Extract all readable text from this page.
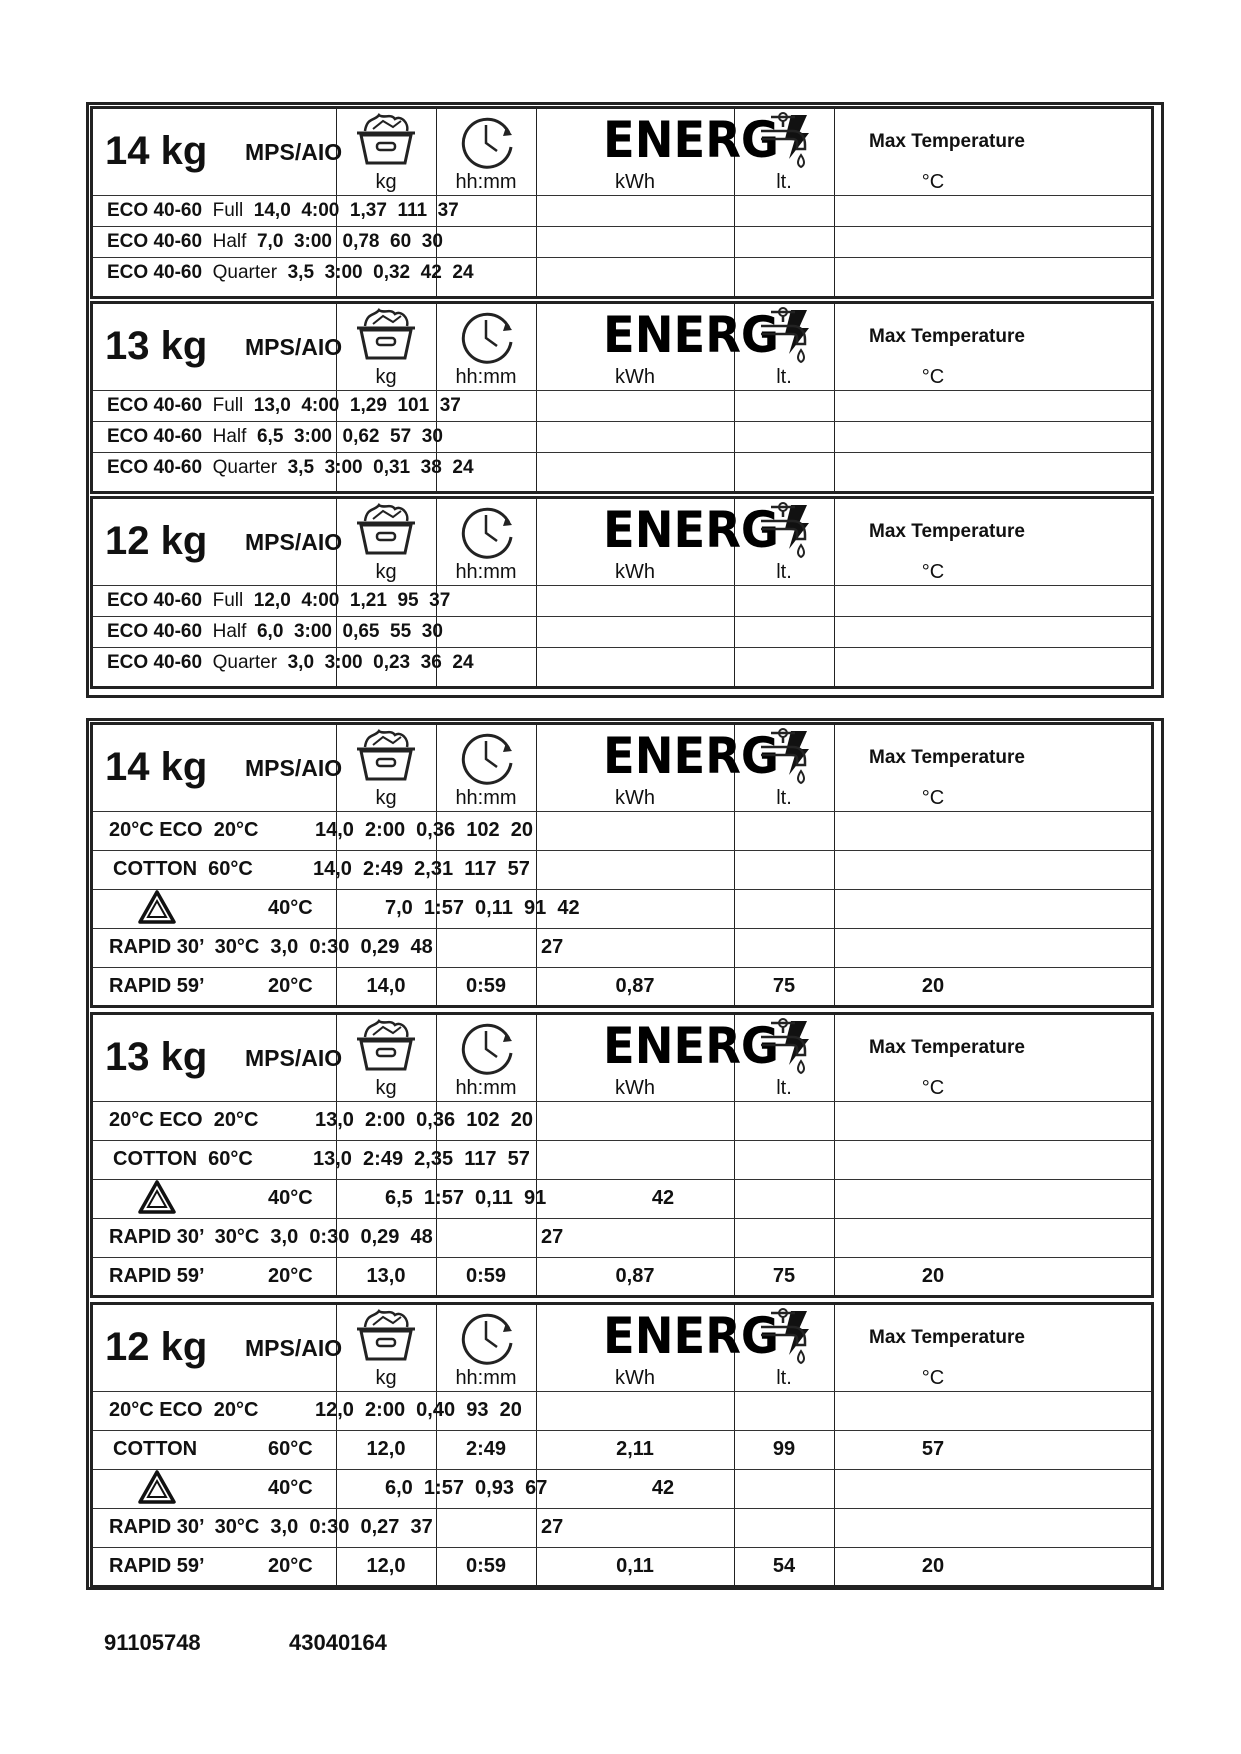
14 kg MPS/AIO	ENERG	Max Temperature
kg	hh:mm	kWh	lt.	°C
ECO 40-60 Full 14,0  4:00  1,37  111  37
ECO 40-60 Half 7,0  3:00  0,78  60  30
ECO 40-60 Quarter 3,5  3:00  0,32  42  24
13 kg MPS/AIO	ENERG	Max Temperature
kg	hh:mm	kWh	lt.	°C
ECO 40-60 Full 13,0  4:00  1,29  101  37
ECO 40-60 Half 6,5  3:00  0,62  57  30
ECO 40-60 Quarter 3,5  3:00  0,31  38  24
12 kg MPS/AIO	ENERG	Max Temperature
kg	hh:mm	kWh	lt.	°C
ECO 40-60 Full 12,0  4:00  1,21  95  37
ECO 40-60 Half 6,0  3:00  0,65  55  30
ECO 40-60 Quarter 3,0  3:00  0,23  36  24
14 kg MPS/AIO	ENERG	Max Temperature
kg	hh:mm	kWh	lt.	°C
20°C ECO  20°C	14,0  2:00  0,36  102  20
COTTON  60°C	14,0  2:49  2,31  117  57
40°C	7,0  1:57  0,11  91  42
RAPID 30’  30°C  3,0  0:30  0,29  48	27
RAPID 59’	20°C	14,0	0:59	0,87	75	20
13 kg MPS/AIO	ENERG	Max Temperature
kg	hh:mm	kWh	lt.	°C
20°C ECO  20°C	13,0  2:00  0,36  102  20
COTTON  60°C	13,0  2:49  2,35  117  57
40°C	6,5  1:57  0,11  91	42
RAPID 30’  30°C  3,0  0:30  0,29  48	27
RAPID 59’	20°C	13,0	0:59	0,87	75	20
12 kg MPS/AIO	ENERG	Max Temperature
kg	hh:mm	kWh	lt.	°C
20°C ECO  20°C	12,0  2:00  0,40  93  20
COTTON	60°C	12,0	2:49	2,11	99	57
40°C	6,0  1:57  0,93  67	42
RAPID 30’  30°C  3,0  0:30  0,27  37	27
RAPID 59’	20°C	12,0	0:59	0,11	54	20
91105748	43040164
